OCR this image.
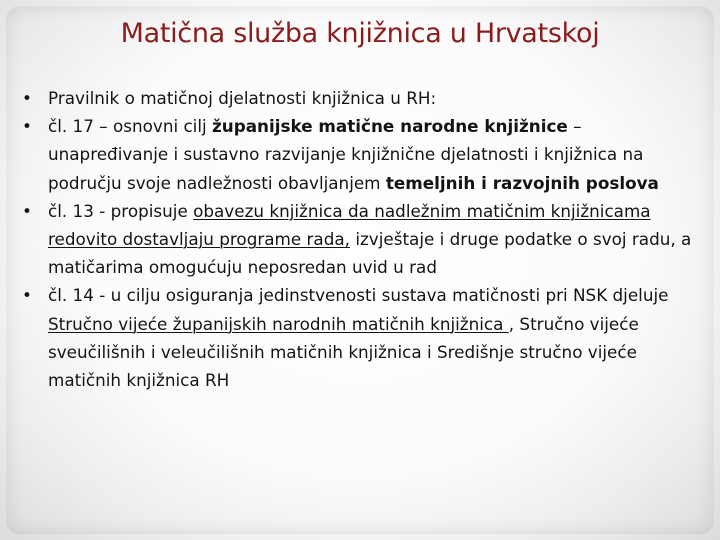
Matična služba knjižnica u Hrvatskoj
• Pravilnik o matičnoj djelatnosti knjižnica u RH:
• čl. 17 – osnovni cilj županijske matične narodne knjižnice – unapređivanje i sustavno razvijanje knjižnične djelatnosti i knjižnica na području svoje nadležnosti obavljanjem temeljnih i razvojnih poslova
• čl. 13 - propisuje obavezu knjižnica da nadležnim matičnim knjižnicama redovito dostavljaju programe rada, izvještaje i druge podatke o svoj radu, a matičarima omogućuju neposredan uvid u rad
• čl. 14 - u cilju osiguranja jedinstvenosti sustava matičnosti pri NSK djeluje Stručno vijeće županijskih narodnih matičnih knjižnica , Stručno vijeće sveučilišnih i veleučilišnih matičnih knjižnica i Središnje stručno vijeće matičnih knjižnica RH
